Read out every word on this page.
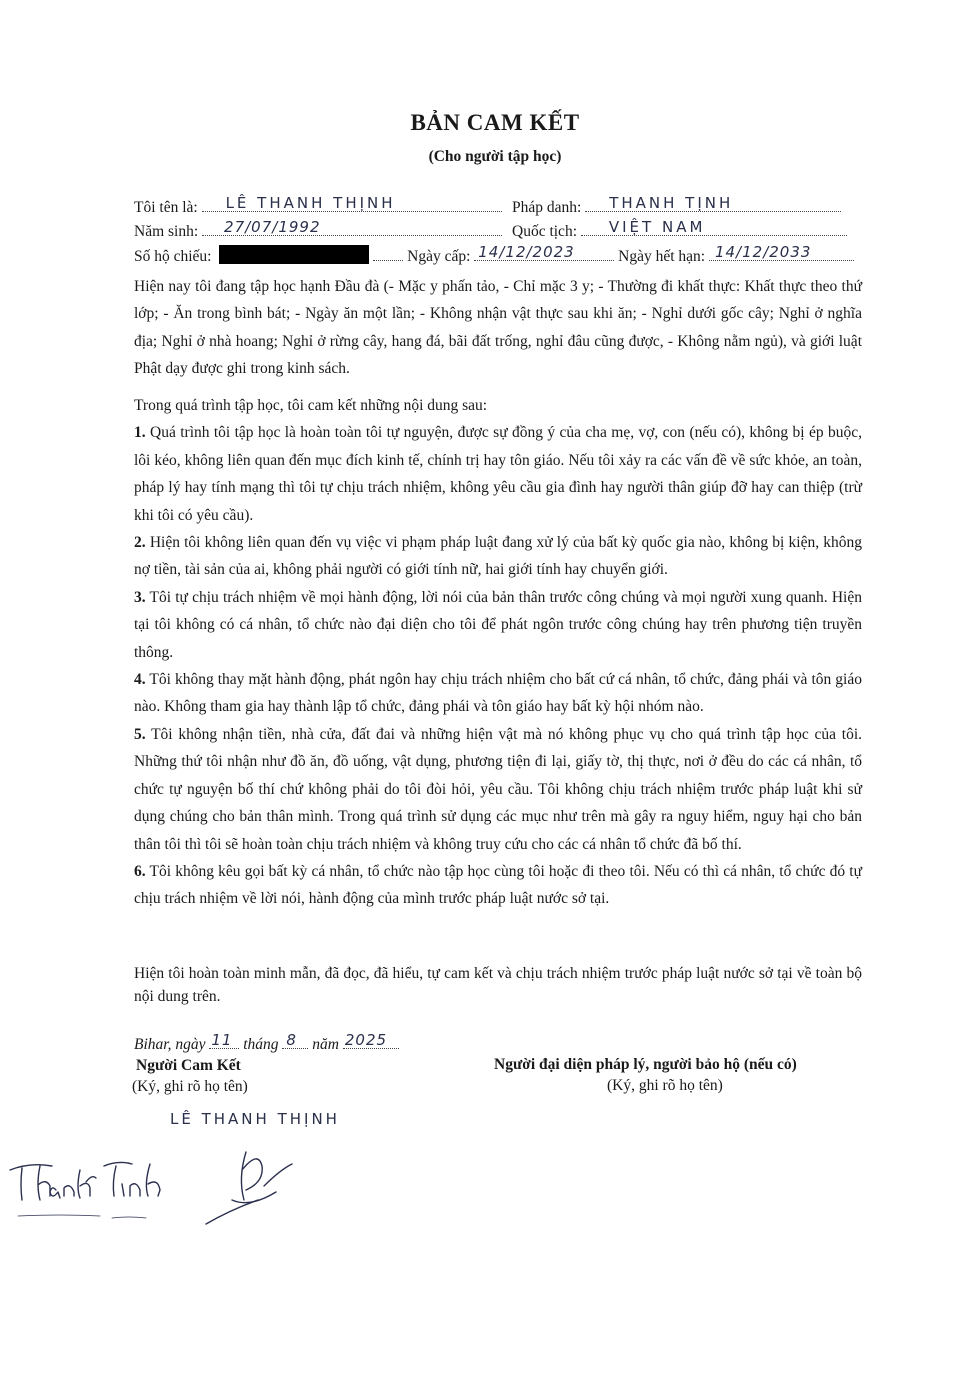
BẢN CAM KẾT
(Cho người tập học)
Tôi tên là: LÊ THANH THỊNH	Pháp danh: THANH TỊNH
Năm sinh: 27/07/1992	Quốc tịch: VIỆT NAM
Số hộ chiếu:	Ngày cấp: 14/12/2023	Ngày hết hạn: 14/12/2033

Hiện nay tôi đang tập học hạnh Đầu đà (- Mặc y phấn tảo, - Chỉ mặc 3 y; - Thường đi khất thực: Khất thực theo thứ lớp; - Ăn trong bình bát; - Ngày ăn một lần; - Không nhận vật thực sau khi ăn; - Nghỉ dưới gốc cây; Nghỉ ở nghĩa địa; Nghỉ ở nhà hoang; Nghỉ ở rừng cây, hang đá, bãi đất trống, nghỉ đâu cũng được, - Không nằm ngủ), và giới luật Phật dạy được ghi trong kinh sách.

Trong quá trình tập học, tôi cam kết những nội dung sau:

1. Quá trình tôi tập học là hoàn toàn tôi tự nguyện, được sự đồng ý của cha mẹ, vợ, con (nếu có), không bị ép buộc, lôi kéo, không liên quan đến mục đích kinh tế, chính trị hay tôn giáo. Nếu tôi xảy ra các vấn đề về sức khỏe, an toàn, pháp lý hay tính mạng thì tôi tự chịu trách nhiệm, không yêu cầu gia đình hay người thân giúp đỡ hay can thiệp (trừ khi tôi có yêu cầu).

2. Hiện tôi không liên quan đến vụ việc vi phạm pháp luật đang xử lý của bất kỳ quốc gia nào, không bị kiện, không nợ tiền, tài sản của ai, không phải người có giới tính nữ, hai giới tính hay chuyển giới.

3. Tôi tự chịu trách nhiệm về mọi hành động, lời nói của bản thân trước công chúng và mọi người xung quanh. Hiện tại tôi không có cá nhân, tổ chức nào đại diện cho tôi để phát ngôn trước công chúng hay trên phương tiện truyền thông.

4. Tôi không thay mặt hành động, phát ngôn hay chịu trách nhiệm cho bất cứ cá nhân, tổ chức, đảng phái và tôn giáo nào. Không tham gia hay thành lập tổ chức, đảng phái và tôn giáo hay bất kỳ hội nhóm nào.

5. Tôi không nhận tiền, nhà cửa, đất đai và những hiện vật mà nó không phục vụ cho quá trình tập học của tôi. Những thứ tôi nhận như đồ ăn, đồ uống, vật dụng, phương tiện đi lại, giấy tờ, thị thực, nơi ở đều do các cá nhân, tổ chức tự nguyện bố thí chứ không phải do tôi đòi hỏi, yêu cầu. Tôi không chịu trách nhiệm trước pháp luật khi sử dụng chúng cho bản thân mình. Trong quá trình sử dụng các mục như trên mà gây ra nguy hiểm, nguy hại cho bản thân tôi thì tôi sẽ hoàn toàn chịu trách nhiệm và không truy cứu cho các cá nhân tổ chức đã bố thí.

6. Tôi không kêu gọi bất kỳ cá nhân, tổ chức nào tập học cùng tôi hoặc đi theo tôi. Nếu có thì cá nhân, tổ chức đó tự chịu trách nhiệm về lời nói, hành động của mình trước pháp luật nước sở tại.

Hiện tôi hoàn toàn minh mẫn, đã đọc, đã hiểu, tự cam kết và chịu trách nhiệm trước pháp luật nước sở tại về toàn bộ nội dung trên.

Bihar, ngày 11 tháng 8 năm 2025
Người Cam Kết
(Ký, ghi rõ họ tên)
Người đại diện pháp lý, người bảo hộ (nếu có)
(Ký, ghi rõ họ tên)
LÊ THANH THỊNH
